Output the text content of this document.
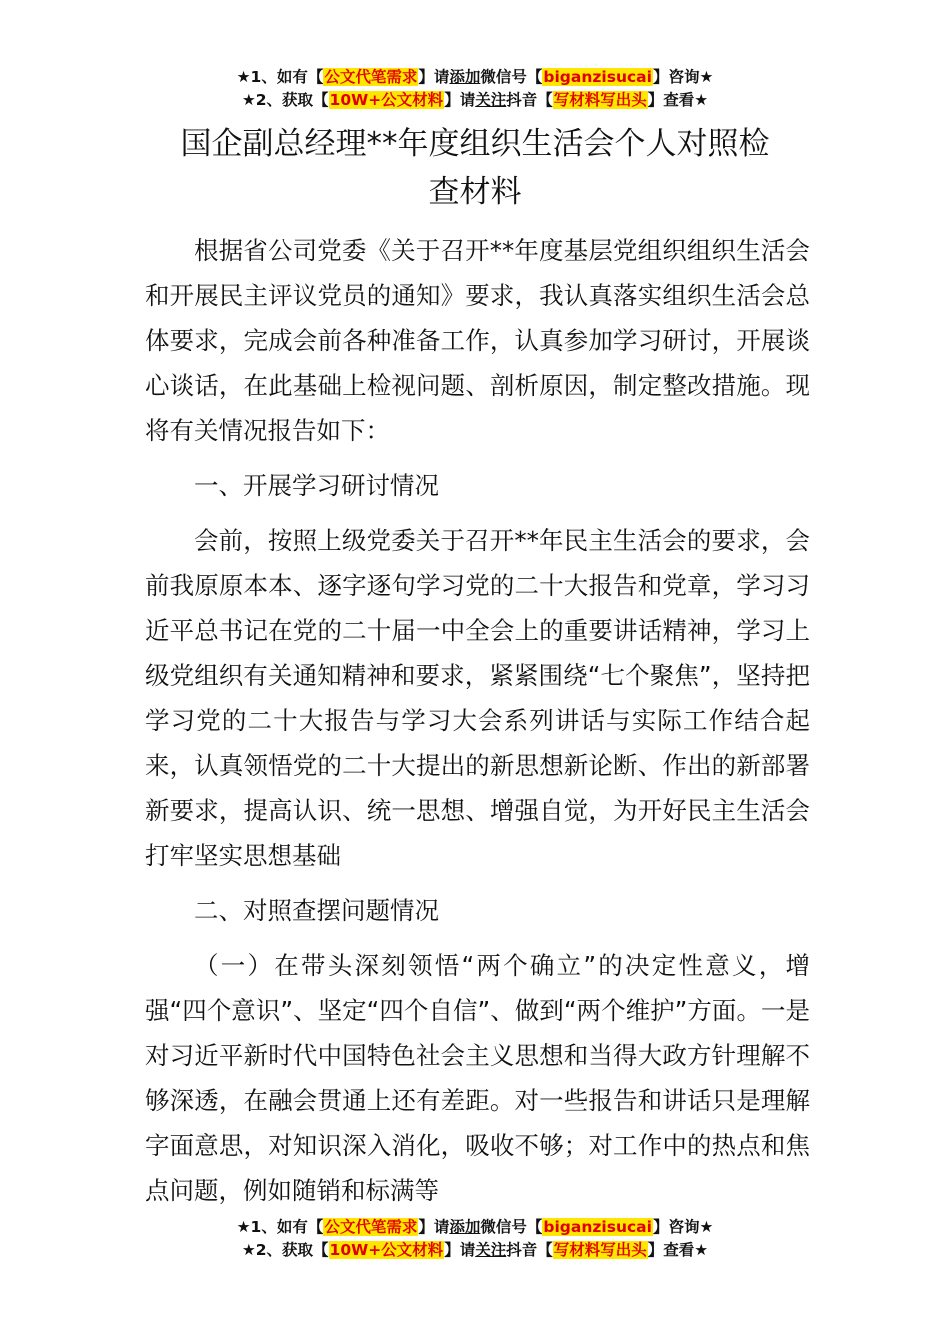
★1、如有【公文代笔需求】请添加微信号【biganzisucai】咨询★
★2、获取【10W+公文材料】请关注抖音【写材料写出头】查看★
国企副总经理**年度组织生活会个人对照检
查材料

根据省公司党委《关于召开**年度基层党组织组织生活会和开展民主评议党员的通知》要求，我认真落实组织生活会总体要求，完成会前各种准备工作，认真参加学习研讨，开展谈心谈话，在此基础上检视问题、剖析原因，制定整改措施。现将有关情况报告如下：

一、开展学习研讨情况

会前，按照上级党委关于召开**年民主生活会的要求，会前我原原本本、逐字逐句学习党的二十大报告和党章，学习习近平总书记在党的二十届一中全会上的重要讲话精神，学习上级党组织有关通知精神和要求，紧紧围绕“七个聚焦”，坚持把学习党的二十大报告与学习大会系列讲话与实际工作结合起来，认真领悟党的二十大提出的新思想新论断、作出的新部署新要求，提高认识、统一思想、增强自觉，为开好民主生活会打牢坚实思想基础

二、对照查摆问题情况

（一）在带头深刻领悟“两个确立”的决定性意义，增强“四个意识”、坚定“四个自信”、做到“两个维护”方面。一是对习近平新时代中国特色社会主义思想和当得大政方针理解不够深透，在融会贯通上还有差距。对一些报告和讲话只是理解字面意思，对知识深入消化，吸收不够；对工作中的热点和焦点问题，例如随销和标满等

★1、如有【公文代笔需求】请添加微信号【biganzisucai】咨询★
★2、获取【10W+公文材料】请关注抖音【写材料写出头】查看★
